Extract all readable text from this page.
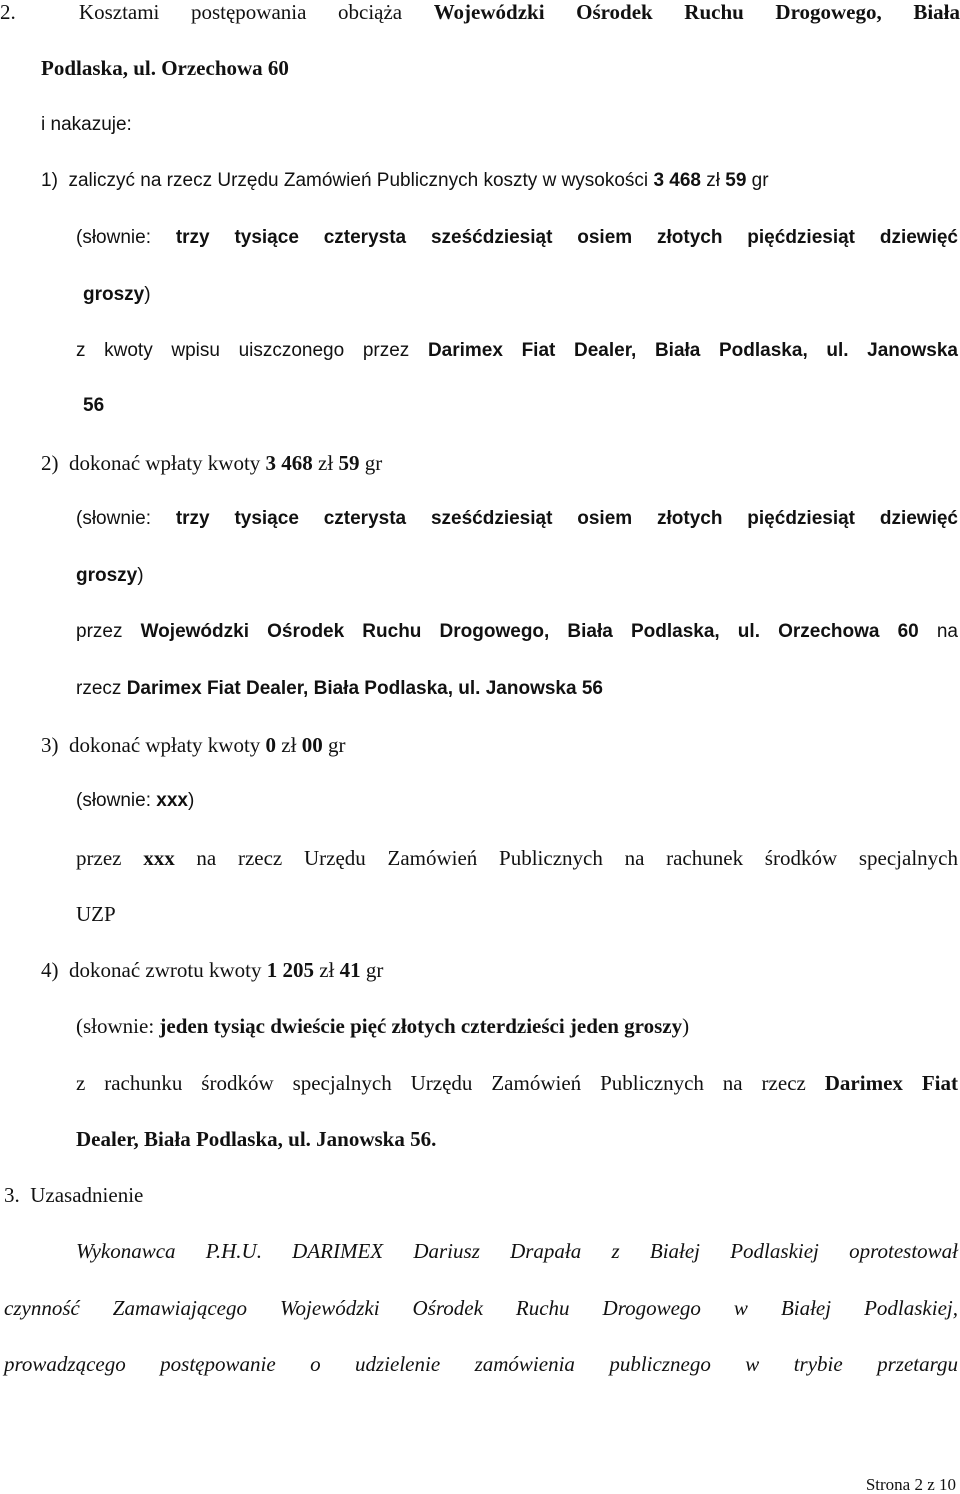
2.	Kosztami postępowania obciąża Wojewódzki Ośrodek Ruchu Drogowego, Biała
Podlaska, ul. Orzechowa 60
i nakazuje:
1) zaliczyć na rzecz Urzędu Zamówień Publicznych koszty w wysokości 3 468 zł 59 gr
(słownie: trzy tysiące czterysta sześćdziesiąt osiem złotych pięćdziesiąt dziewięć
groszy)
z kwoty wpisu uiszczonego przez Darimex Fiat Dealer, Biała Podlaska, ul. Janowska
56
2) dokonać wpłaty kwoty 3 468 zł 59 gr
(słownie: trzy tysiące czterysta sześćdziesiąt osiem złotych pięćdziesiąt dziewięć
groszy)
przez Wojewódzki Ośrodek Ruchu Drogowego, Biała Podlaska, ul. Orzechowa 60 na
rzecz Darimex Fiat Dealer, Biała Podlaska, ul. Janowska 56
3) dokonać wpłaty kwoty 0 zł 00 gr
(słownie: xxx)
przez xxx na rzecz Urzędu Zamówień Publicznych na rachunek środków specjalnych
UZP
4) dokonać zwrotu kwoty 1 205 zł 41 gr
(słownie: jeden tysiąc dwieście pięć złotych czterdzieści jeden groszy)
z rachunku środków specjalnych Urzędu Zamówień Publicznych na rzecz Darimex Fiat
Dealer, Biała Podlaska, ul. Janowska 56.
3. Uzasadnienie
Wykonawca P.H.U. DARIMEX Dariusz Drapała z Białej Podlaskiej oprotestował
czynność Zamawiającego Wojewódzki Ośrodek Ruchu Drogowego w Białej Podlaskiej,
prowadzącego postępowanie o udzielenie zamówienia publicznego w trybie przetargu
Strona 2 z 10
